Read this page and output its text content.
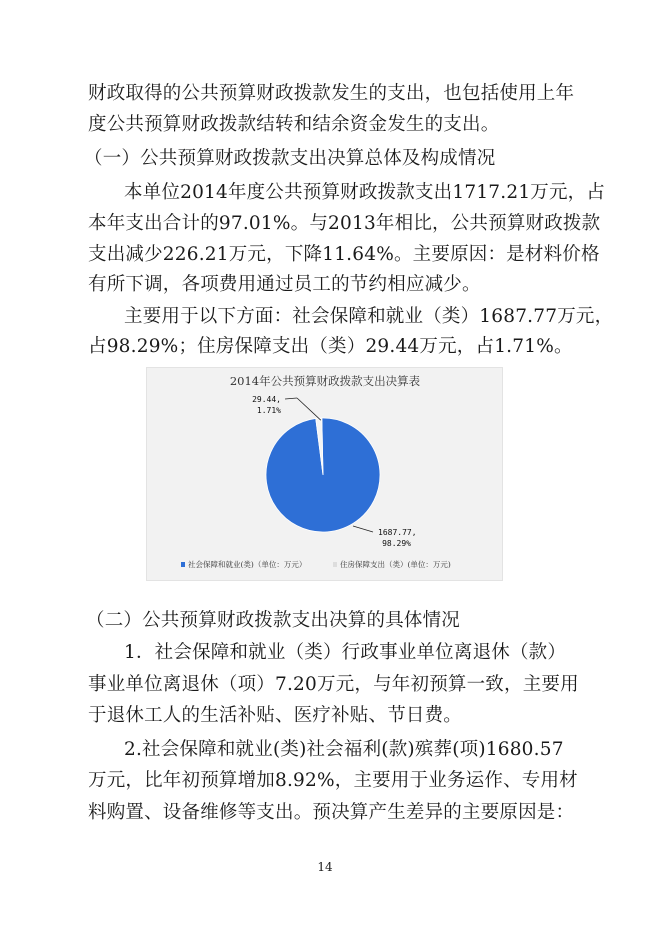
财政取得的公共预算财政拨款发生的支出，也包括使用上年
度公共预算财政拨款结转和结余资金发生的支出。
（一）公共预算财政拨款支出决算总体及构成情况
本单位2014年度公共预算财政拨款支出1717.21万元，占
本年支出合计的97.01%。与2013年相比，公共预算财政拨款
支出减少226.21万元，下降11.64%。主要原因：是材料价格
有所下调，各项费用通过员工的节约相应减少。
主要用于以下方面：社会保障和就业（类）1687.77万元，
占98.29%；住房保障支出（类）29.44万元，占1.71%。
2014年公共预算财政拨款支出决算表
29.44,
1.71%
1687.77,
98.29%
社会保障和就业(类)（单位：万元）	住房保障支出（类）(单位：万元)
（二）公共预算财政拨款支出决算的具体情况
1．社会保障和就业（类）行政事业单位离退休（款）
事业单位离退休（项）7.20万元，与年初预算一致，主要用
于退休工人的生活补贴、医疗补贴、节日费。
2.社会保障和就业(类)社会福利(款)殡葬(项)1680.57
万元，比年初预算增加8.92%，主要用于业务运作、专用材
料购置、设备维修等支出。预决算产生差异的主要原因是：
14
